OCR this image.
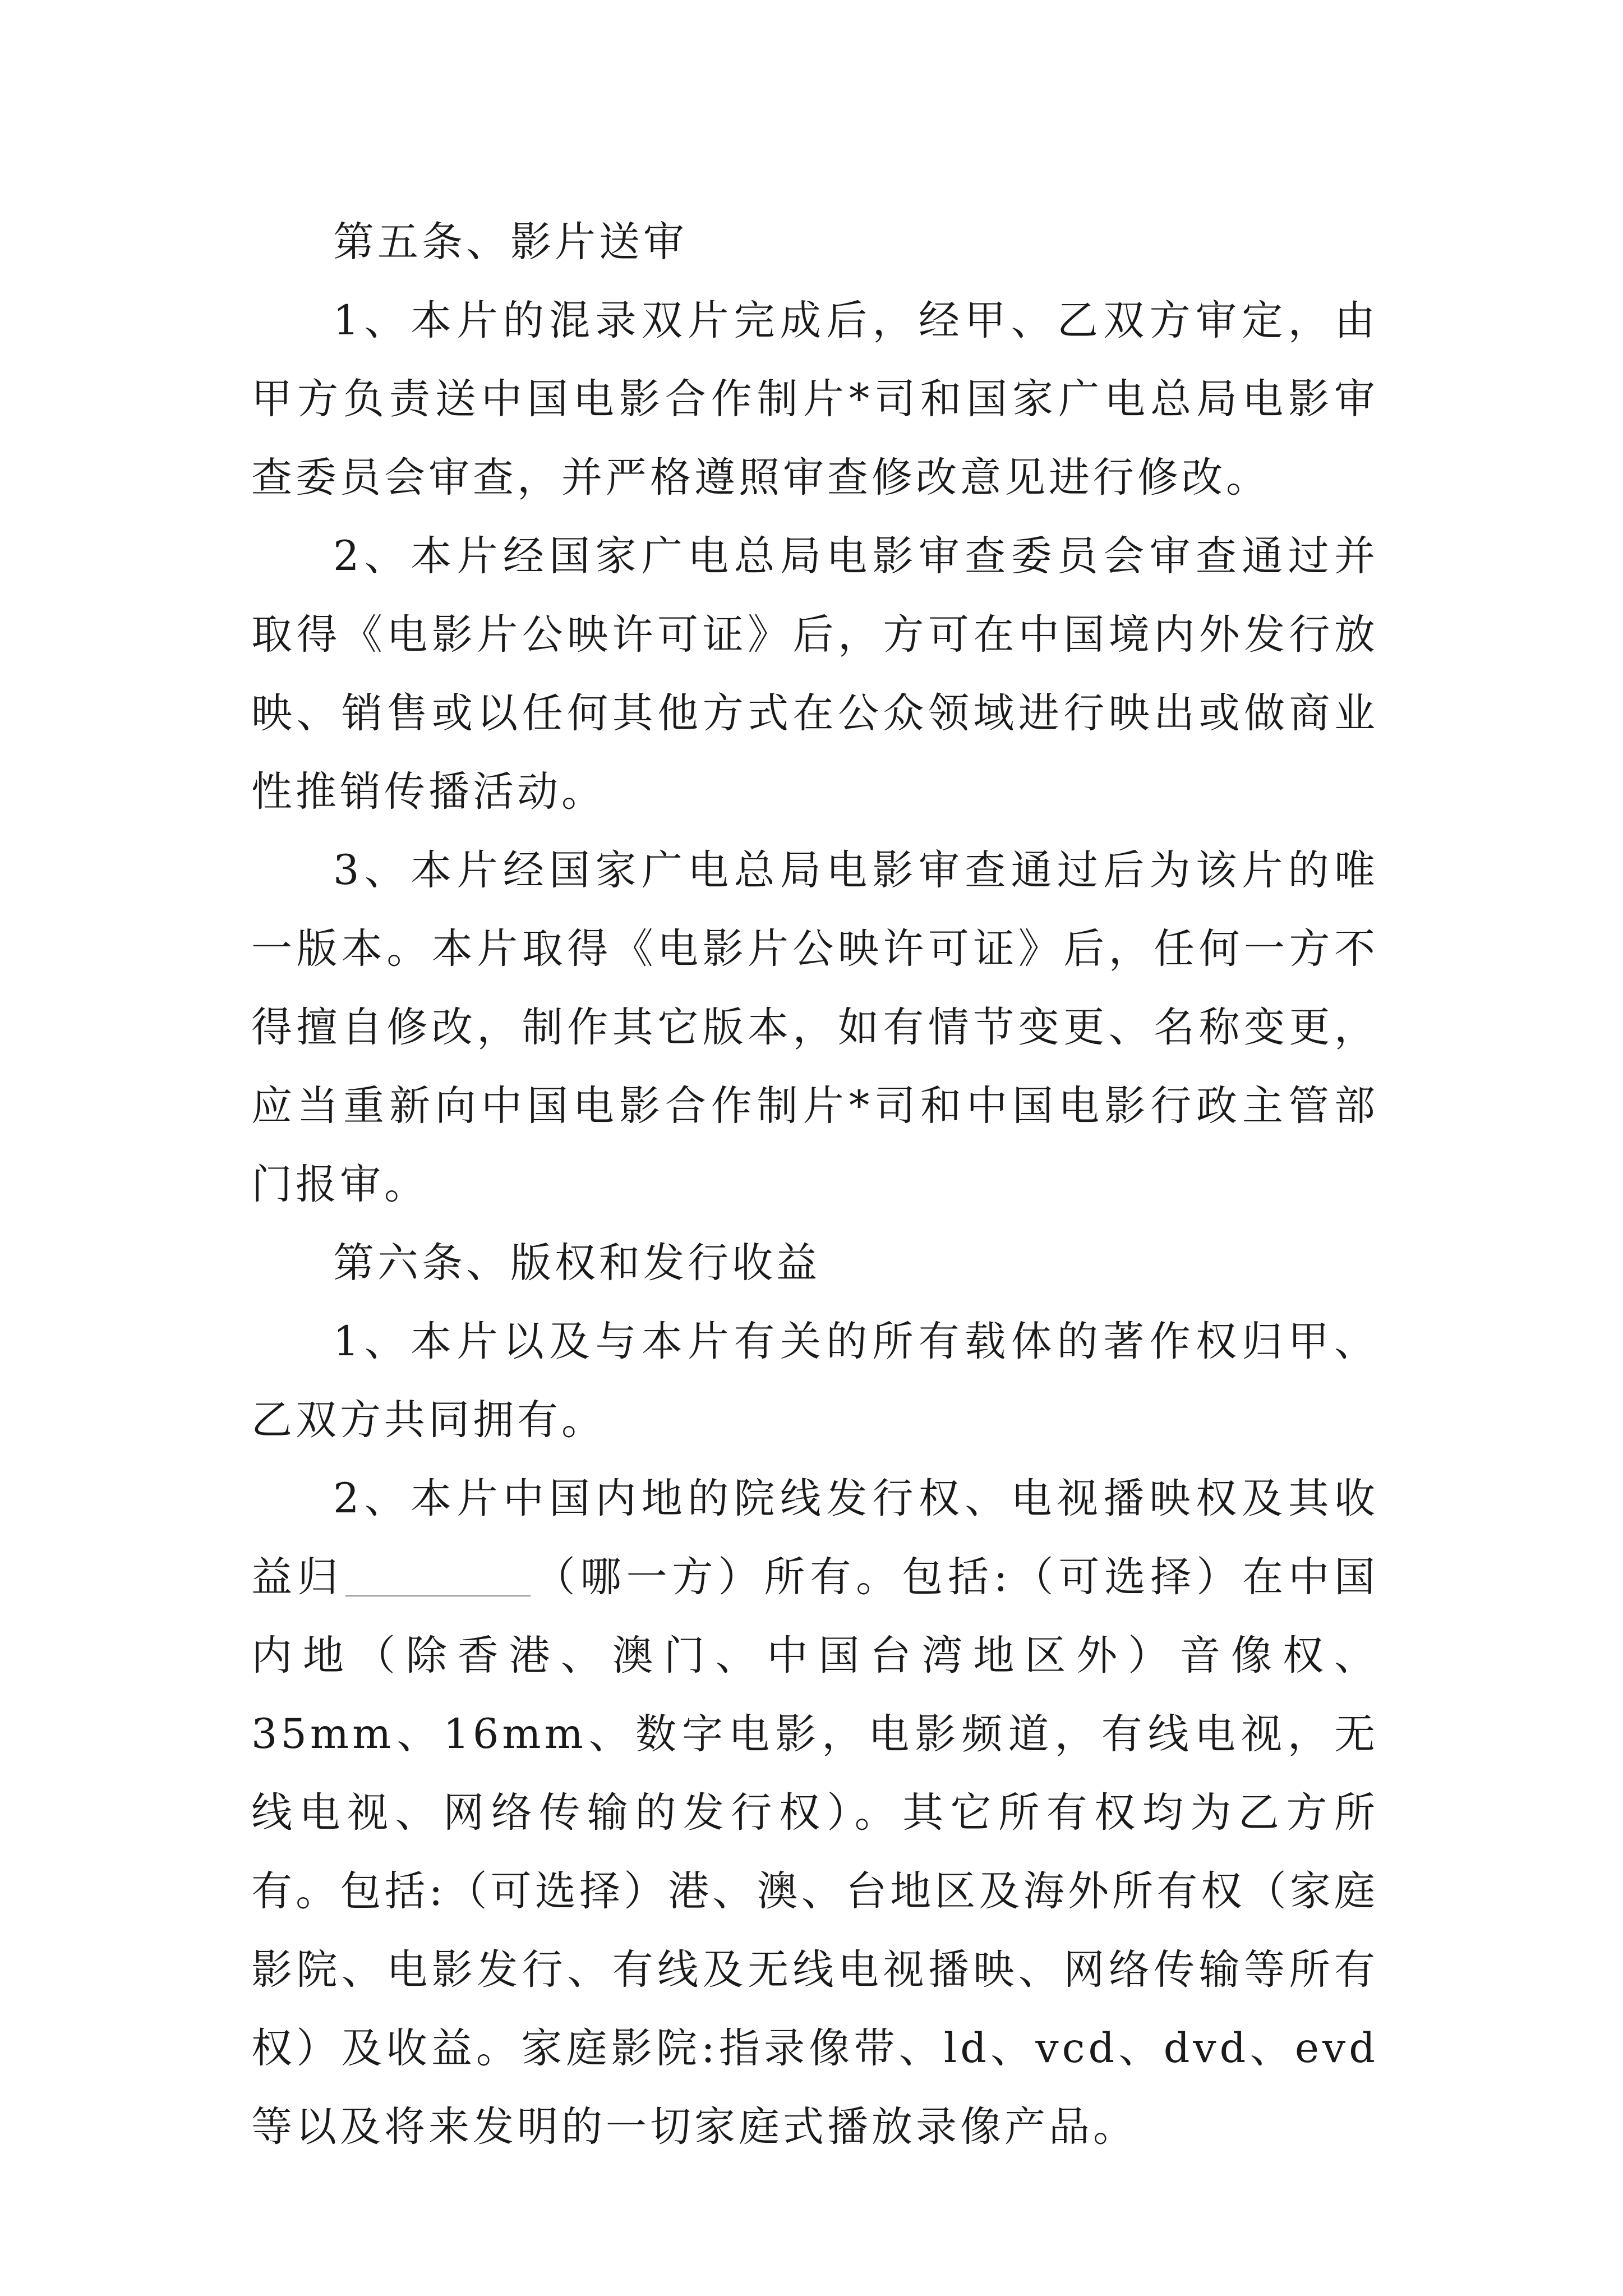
第五条、影片送审

1、本片的混录双片完成后，经甲、乙双方审定，由甲方负责送中国电影合作制片*司和国家广电总局电影审查委员会审查，并严格遵照审查修改意见进行修改。

2、本片经国家广电总局电影审查委员会审查通过并取得《电影片公映许可证》后，方可在中国境内外发行放映、销售或以任何其他方式在公众领域进行映出或做商业性推销传播活动。

3、本片经国家广电总局电影审查通过后为该片的唯一版本。本片取得《电影片公映许可证》后，任何一方不得擅自修改，制作其它版本，如有情节变更、名称变更，应当重新向中国电影合作制片*司和中国电影行政主管部门报审。

第六条、版权和发行收益

1、本片以及与本片有关的所有载体的著作权归甲、乙双方共同拥有。

2、本片中国内地的院线发行权、电视播映权及其收益归	（哪一方）所有。包括:（可选择）在中国内地（除香港、澳门、中国台湾地区外）音像权、35mm、16mm、数字电影，电影频道，有线电视，无线电视、网络传输的发行权）。其它所有权均为乙方所有。包括:（可选择）港、澳、台地区及海外所有权（家庭影院、电影发行、有线及无线电视播映、网络传输等所有权）及收益。家庭影院:指录像带、ld、vcd、dvd、evd等以及将来发明的一切家庭式播放录像产品。
